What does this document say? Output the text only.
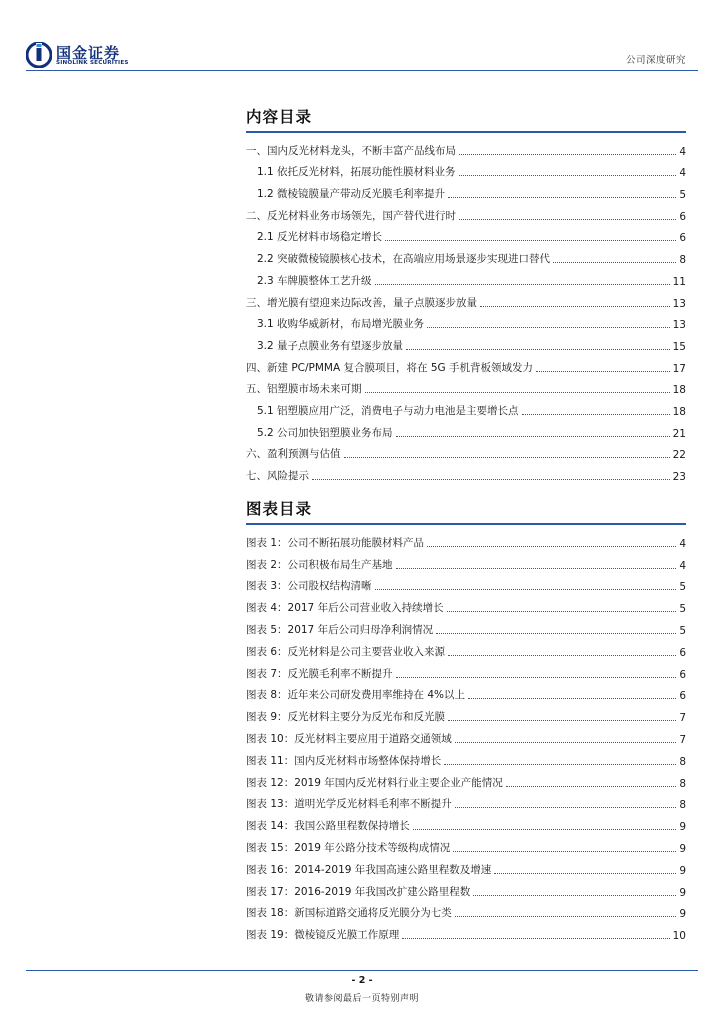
国金证券
SINOLINK SECURITIES	公司深度研究
内容目录
一、国内反光材料龙头，不断丰富产品线布局	4
1.1 依托反光材料，拓展功能性膜材料业务	4
1.2 微棱镜膜量产带动反光膜毛利率提升	5
二、反光材料业务市场领先，国产替代进行时	6
2.1 反光材料市场稳定增长	6
2.2 突破微棱镜膜核心技术，在高端应用场景逐步实现进口替代	8
2.3 车牌膜整体工艺升级	11
三、增光膜有望迎来边际改善，量子点膜逐步放量	13
3.1 收购华威新材，布局增光膜业务	13
3.2 量子点膜业务有望逐步放量	15
四、新建 PC/PMMA 复合膜项目，将在 5G 手机背板领域发力	17
五、铝塑膜市场未来可期	18
5.1 铝塑膜应用广泛，消费电子与动力电池是主要增长点	18
5.2 公司加快铝塑膜业务布局	21
六、盈利预测与估值	22
七、风险提示	23
图表目录
图表 1：公司不断拓展功能膜材料产品	4
图表 2：公司积极布局生产基地	4
图表 3：公司股权结构清晰	5
图表 4：2017 年后公司营业收入持续增长	5
图表 5：2017 年后公司归母净利润情况	5
图表 6：反光材料是公司主要营业收入来源	6
图表 7：反光膜毛利率不断提升	6
图表 8：近年来公司研发费用率维持在 4%以上	6
图表 9：反光材料主要分为反光布和反光膜	7
图表 10：反光材料主要应用于道路交通领域	7
图表 11：国内反光材料市场整体保持增长	8
图表 12：2019 年国内反光材料行业主要企业产能情况	8
图表 13：道明光学反光材料毛利率不断提升	8
图表 14：我国公路里程数保持增长	9
图表 15：2019 年公路分技术等级构成情况	9
图表 16：2014-2019 年我国高速公路里程数及增速	9
图表 17：2016-2019 年我国改扩建公路里程数	9
图表 18：新国标道路交通将反光膜分为七类	9
图表 19：微棱镜反光膜工作原理	10
- 2 -
敬请参阅最后一页特别声明
